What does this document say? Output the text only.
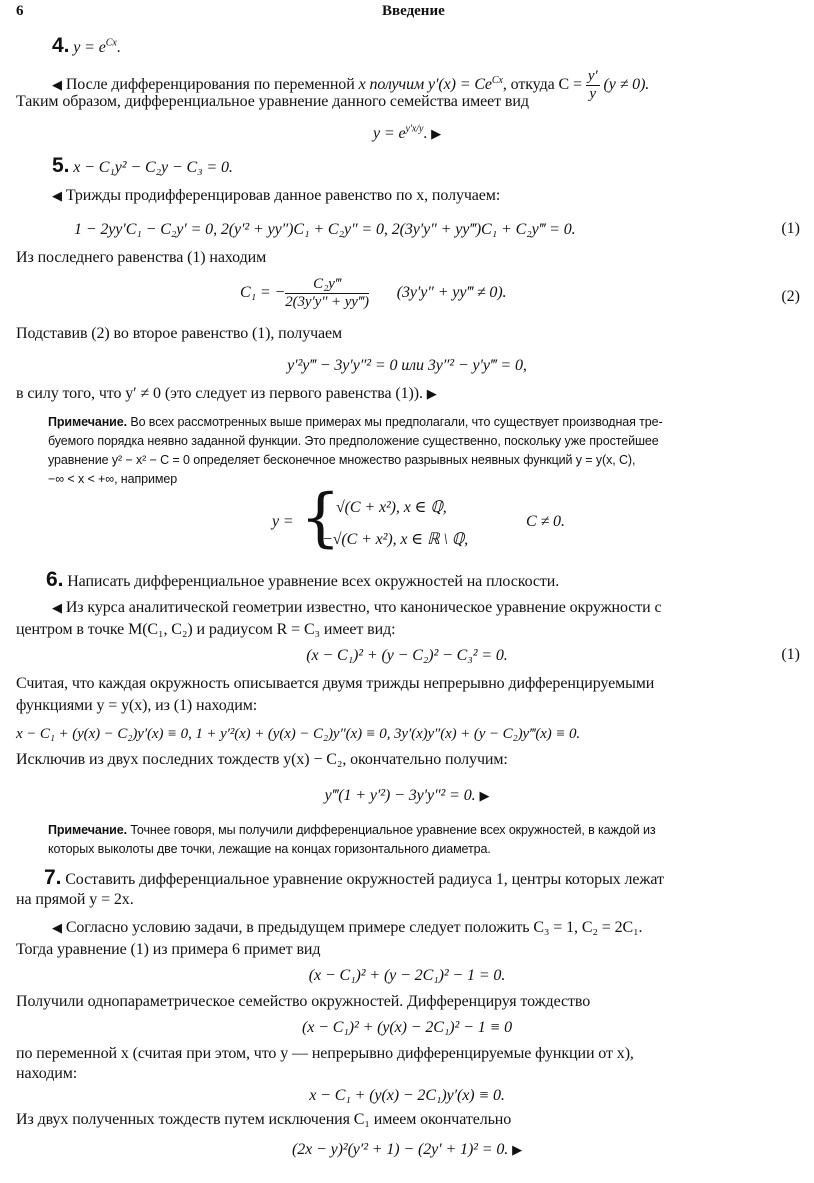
6	Введение
4. $y = e^{Cx}$.
◀ После дифференцирования по переменной x получим $y'(x) = Ce^{Cx}$, откуда $C = \frac{y'}{y} (y \ne 0)$.
Таким образом, дифференциальное уравнение данного семейства имеет вид
$y = e^{y'x/y}$. ▶
5. x − C₁y² − C₂y − C₃ = 0.
◀ Трижды продифференцировав данное равенство по x, получаем:
1 − 2yy′C₁ − C₂y′ = 0, 2(y′² + yy″)C₁ + C₂y″ = 0, 2(3y′y″ + yy‴)C₁ + C₂y‴ = 0.	(1)
Из последнего равенства (1) находим
C₁ = − $\frac{\text{C₂y‴}}{2(3y'y'' + yy‴)} (3y'y''$ + yy‴ ≠ 0).	(2)
Подставив (2) во второе равенство (1), получаем
y′²y‴ − 3y′y″² = 0 или 3y″² − y′y‴ = 0,
в силу того, что y′ ≠ 0 (это следует из первого равенства (1)). ▶
Примечание. Во всех рассмотренных выше примерах мы предполагали, что существует производная тре-
буемого порядка неявно заданной функции. Это предположение существенно, поскольку уже простейшее
уравнение y² − x² − C = 0 определяет бесконечное множество разрывных неявных функций y = y(x, C),
−∞ < x < +∞, например
y = {
√(C + x²), x ∈ ℚ,
−√(C + x²), x ∈ ℝ \ ℚ,
C ≠ 0.
6. Написать дифференциальное уравнение всех окружностей на плоскости.
◀ Из курса аналитической геометрии известно, что каноническое уравнение окружности с
центром в точке M(C₁, C₂) и радиусом R = C₃ имеет вид:
(x − C₁)² + (y − C₂)² − C₃² = 0.	(1)
Считая, что каждая окружность описывается двумя трижды непрерывно дифференцируемыми
функциями y = y(x), из (1) находим:
x − C₁ + (y(x) − C₂)y′(x) ≡ 0, 1 + y′²(x) + (y(x) − C₂)y″(x) ≡ 0, 3y′(x)y″(x) + (y − C₂)y‴(x) ≡ 0.
Исключив из двух последних тождеств y(x) − C₂, окончательно получим:
y‴(1 + y′²) − 3y′y″² = 0. ▶
Примечание. Точнее говоря, мы получили дифференциальное уравнение всех окружностей, в каждой из
которых выколоты две точки, лежащие на концах горизонтального диаметра.
7. Составить дифференциальное уравнение окружностей радиуса 1, центры которых лежат
на прямой y = 2x.
◀ Согласно условию задачи, в предыдущем примере следует положить C₃ = 1, C₂ = 2C₁.
Тогда уравнение (1) из примера 6 примет вид
(x − C₁)² + (y − 2C₁)² − 1 = 0.
Получили однопараметрическое семейство окружностей. Дифференцируя тождество
(x − C₁)² + (y(x) − 2C₁)² − 1 ≡ 0
по переменной x (считая при этом, что y — непрерывно дифференцируемые функции от x),
находим:
x − C₁ + (y(x) − 2C₁)y′(x) ≡ 0.
Из двух полученных тождеств путем исключения C₁ имеем окончательно
(2x − y)²(y′² + 1) − (2y′ + 1)² = 0. ▶
